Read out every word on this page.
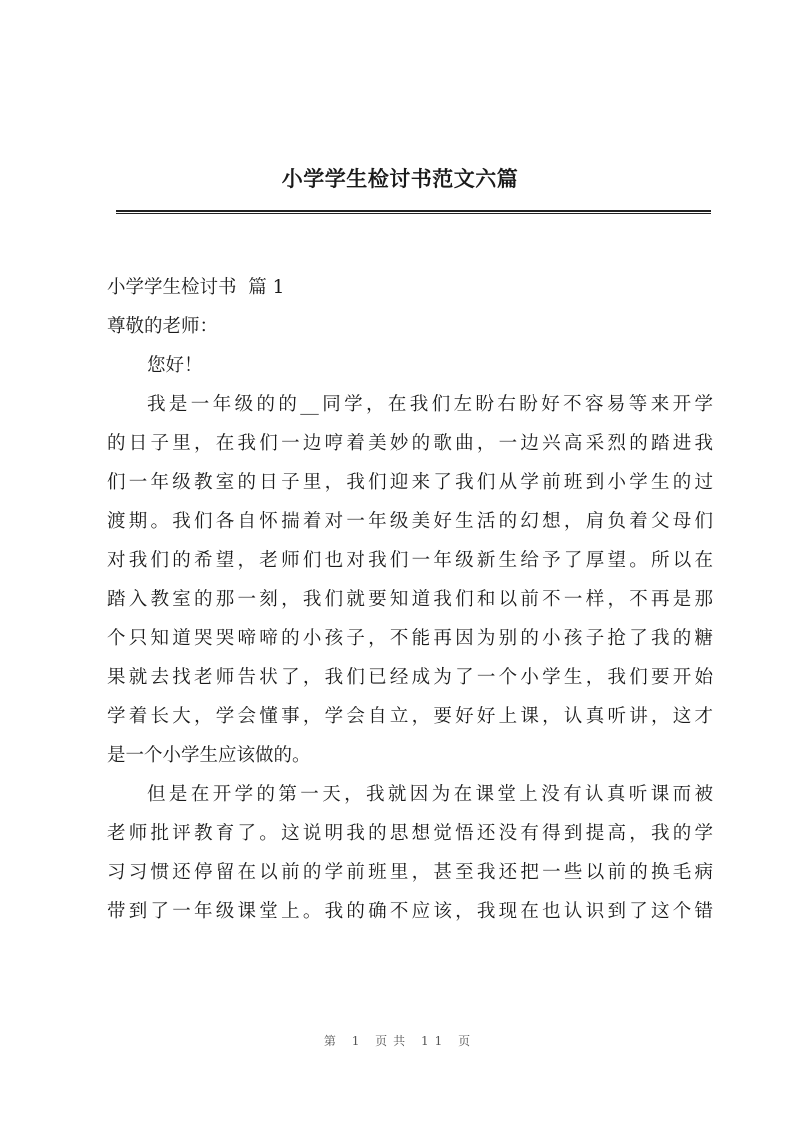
小学学生检讨书范文六篇
小学学生检讨书  篇 1
尊敬的老师：
您好！
我是一年级的的__同学，在我们左盼右盼好不容易等来开学
的日子里，在我们一边哼着美妙的歌曲，一边兴高采烈的踏进我
们一年级教室的日子里，我们迎来了我们从学前班到小学生的过
渡期。我们各自怀揣着对一年级美好生活的幻想，肩负着父母们
对我们的希望，老师们也对我们一年级新生给予了厚望。所以在
踏入教室的那一刻，我们就要知道我们和以前不一样，不再是那
个只知道哭哭啼啼的小孩子，不能再因为别的小孩子抢了我的糖
果就去找老师告状了，我们已经成为了一个小学生，我们要开始
学着长大，学会懂事，学会自立，要好好上课，认真听讲，这才
是一个小学生应该做的。
但是在开学的第一天，我就因为在课堂上没有认真听课而被
老师批评教育了。这说明我的思想觉悟还没有得到提高，我的学
习习惯还停留在以前的学前班里，甚至我还把一些以前的换毛病
带到了一年级课堂上。我的确不应该，我现在也认识到了这个错
第 1 页共 11 页
